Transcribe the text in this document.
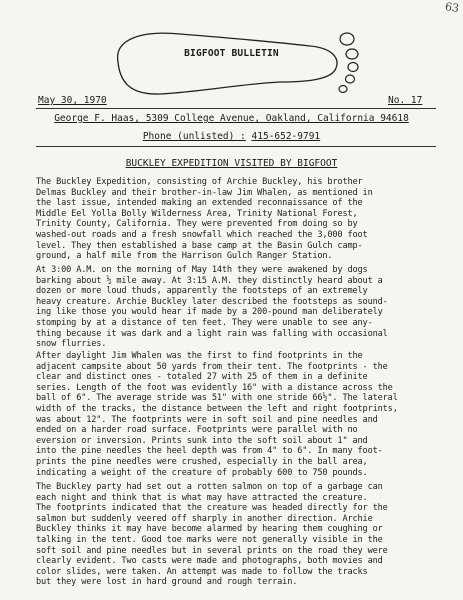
63
BIGFOOT BULLETIN
May 30, 1970	No. 17
George F. Haas, 5309 College Avenue, Oakland, California 94618
Phone (unlisted) : 415-652-9791
BUCKLEY EXPEDITION VISITED BY BIGFOOT

The Buckley Expedition, consisting of Archie Buckley, his brother
Delmas Buckley and their brother-in-law Jim Whalen, as mentioned in
the last issue, intended making an extended reconnaissance of the
Middle Eel Yolla Bolly Wilderness Area, Trinity National Forest,
Trinity County, California. They were prevented from doing so by
washed-out roads and a fresh snowfall which reached the 3,000 foot
level. They then established a base camp at the Basin Gulch camp-
ground, a half mile from the Harrison Gulch Ranger Station.

At 3:00 A.M. on the morning of May 14th they were awakened by dogs
barking about ½ mile away. At 3:15 A.M. they distinctly heard about a
dozen or more loud thuds, apparently the footsteps of an extremely
heavy creature. Archie Buckley later described the footsteps as sound-
ing like those you would hear if made by a 200-pound man deliberately
stomping by at a distance of ten feet. They were unable to see any-
thing because it was dark and a light rain was falling with occasional
snow flurries.

After daylight Jim Whalen was the first to find footprints in the
adjacent campsite about 50 yards from their tent. The footprints - the
clear and distinct ones - totaled 27 with 25 of them in a definite
series. Length of the foot was evidently 16" with a distance across the
ball of 6". The average stride was 51" with one stride 66½". The lateral
width of the tracks, the distance between the left and right footprints,
was about 12". The footprints were in soft soil and pine needles and
ended on a harder road surface. Footprints were parallel with no
eversion or inversion. Prints sunk into the soft soil about 1" and
into the pine needles the heel depth was from 4" to 6". In many foot-
prints the pine needles were crushed, especially in the ball area,
indicating a weight of the creature of probably 600 to 750 pounds.

The Buckley party had set out a rotten salmon on top of a garbage can
each night and think that is what may have attracted the creature.
The footprints indicated that the creature was headed directly for the
salmon but suddenly veered off sharply in another direction. Archie
Buckley thinks it may have become alarmed by hearing them coughing or
talking in the tent. Good toe marks were not generally visible in the
soft soil and pine needles but in several prints on the road they were
clearly evident. Two casts were made and photographs, both movies and
color slides, were taken. An attempt was made to follow the tracks
but they were lost in hard ground and rough terrain.
